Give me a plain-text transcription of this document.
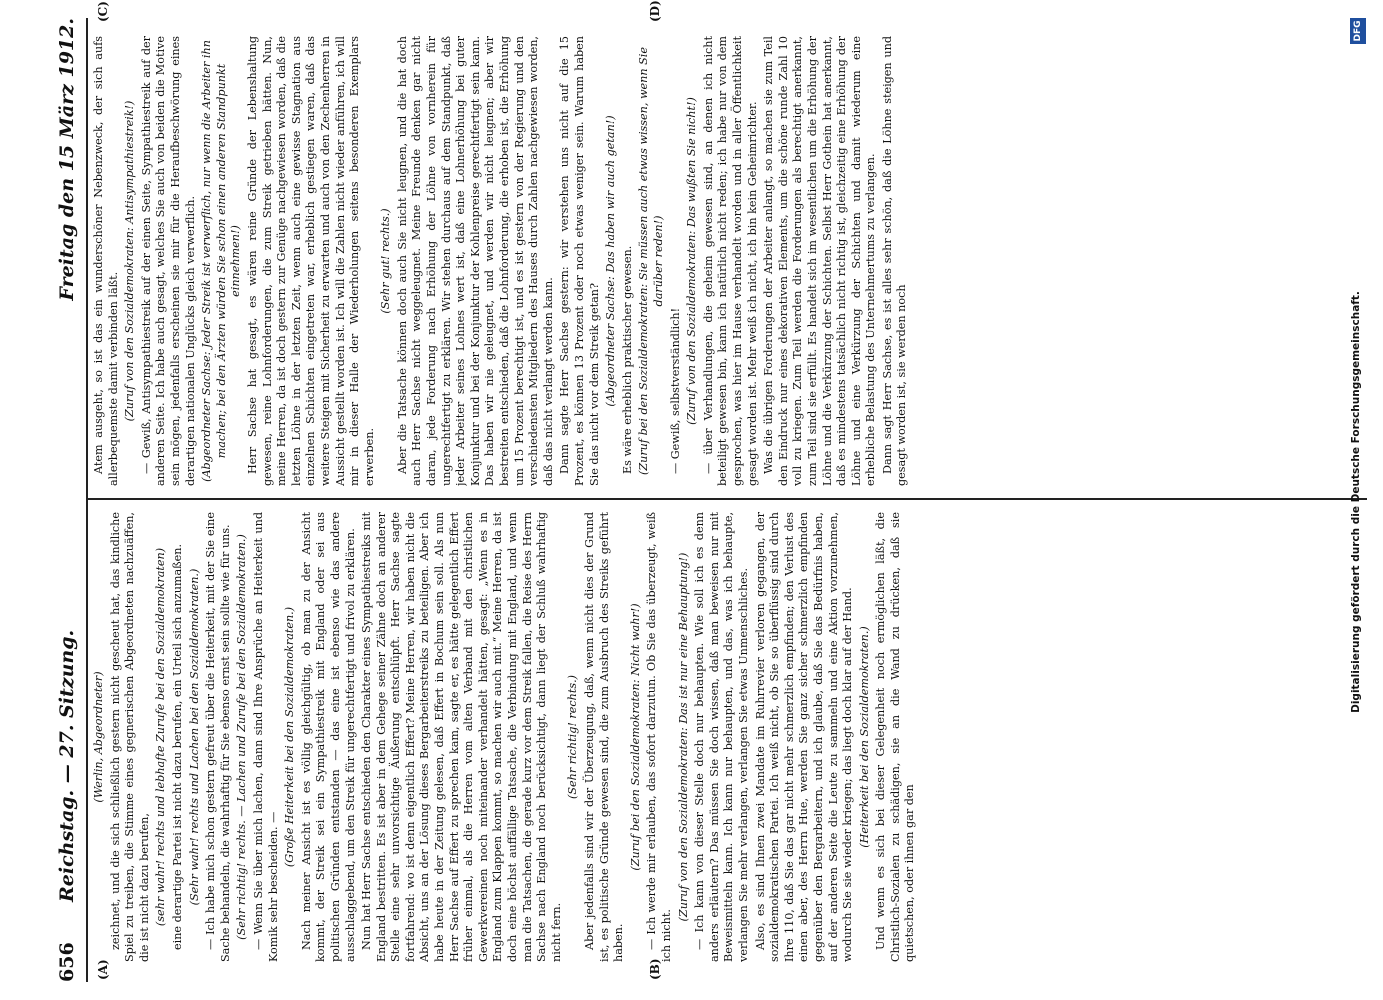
656
Reichstag. — 27. Sitzung.
Freitag den 15 März 1912.
(A)	(B)
(C)	(D)

(Werlin, Abgeordneter) zeichnet, und die sich schließlich gestern nicht gescheut hat, das kindliche Spiel zu treiben, die Stimme eines gegnerischen Abgeordneten nachzuäffen, die ist nicht dazu berufen, (sehr wahr! rechts und lebhafte Zurufe bei den Sozialdemokraten) eine derartige Partei ist nicht dazu berufen, ein Urteil sich anzumaßen. (Sehr wahr! rechts und Lachen bei den Sozialdemokraten.) — Ich habe mich schon gestern gefreut über die Heiterkeit, mit der Sie eine Sache behandeln, die wahrhaftig für Sie ebenso ernst sein sollte wie für uns. (Sehr richtig! rechts. — Lachen und Zurufe bei den Sozialdemokraten.) — Wenn Sie über mich lachen, dann sind Ihre Ansprüche an Heiterkeit und Komik sehr bescheiden. —

(Große Heiterkeit bei den Sozialdemokraten.) Nach meiner Ansicht ist es völlig gleichgültig, ob man zu der Ansicht kommt, der Streik sei ein Sympathiestreik mit England oder sei aus politischen Gründen entstanden — das eine ist ebenso wie das andere ausschlaggebend, um den Streik für ungerechtfertigt und frivol zu erklären. Nun hat Herr Sachse entschieden den Charakter eines Sympathiestreiks mit England bestritten. Es ist aber in dem Gehege seiner Zähne doch an anderer Stelle eine sehr unvorsichtige Äußerung entschlüpft. Herr Sachse sagte fortfahrend: wo ist denn eigentlich Effert? Meine Herren, wir haben nicht die Absicht, uns an der Lösung dieses Bergarbeiterstreiks zu beteiligen. Aber ich habe heute in der Zeitung gelesen, daß Effert in Bochum sein soll. Als nun Herr Sachse auf Effert zu sprechen kam, sagte er, es hätte gelegentlich Effert früher einmal, als die Herren vom alten Verband mit den christlichen Gewerkvereinen noch miteinander verhandelt hätten, gesagt: „Wenn es in England zum Klappen kommt, so machen wir auch mit.“ Meine Herren, da ist doch eine höchst auffällige Tatsache, die Verbindung mit England, und wenn man die Tatsachen, die gerade kurz vor dem Streik fallen, die Reise des Herrn Sachse nach England noch berücksichtigt, dann liegt der Schluß wahrhaftig nicht fern.

(Sehr richtig! rechts.) Aber jedenfalls sind wir der Überzeugung, daß, wenn nicht dies der Grund ist, es politische Gründe gewesen sind, die zum Ausbruch des Streiks geführt haben.

(Zuruf bei den Sozialdemokraten: Nicht wahr!) — Ich werde mir erlauben, das sofort darzutun. Ob Sie das überzeugt, weiß ich nicht.

(Zuruf von den Sozialdemokraten: Das ist nur eine Behauptung!) — Ich kann von dieser Stelle doch nur behaupten. Wie soll ich es denn anders erläutern? Das müssen Sie doch wissen, daß man beweisen nur mit Beweismitteln kann. Ich kann nur behaupten, und das, was ich behaupte, verlangen Sie mehr verlangen, verlangen Sie etwas Unmenschliches. Also, es sind Ihnen zwei Mandate im Ruhrrevier verloren gegangen, der sozialdemokratischen Partei. Ich weiß nicht, ob Sie so überflüssig sind durch Ihre 110, daß Sie das gar nicht mehr schmerzlich empfinden; den Verlust des einen aber, des Herrn Hue, werden Sie ganz sicher schmerzlich empfinden gegenüber den Bergarbeitern, und ich glaube, daß Sie das Bedürfnis haben, auf der anderen Seite die Leute zu sammeln und eine Aktion vorzunehmen, wodurch Sie sie wieder kriegen; das liegt doch klar auf der Hand. (Heiterkeit bei den Sozialdemokraten.) Und wenn es sich bei dieser Gelegenheit noch ermöglichen läßt, die Christlich-Sozialen zu schädigen, sie an die Wand zu drücken, daß sie quietschen, oder ihnen gar den

Atem ausgeht, so ist das ein wunderschöner Nebenzweck, der sich aufs allerbequemste damit verbinden läßt. (Zuruf von den Sozialdemokraten: Antisympathiestreik!) — Gewiß, Antisympathiestreik auf der einen Seite, Sympathiestreik auf der anderen Seite. Ich habe auch gesagt, welches Sie auch von beiden die Motive sein mögen, jedenfalls erscheinen sie mir für die Heraufbeschwörung eines derartigen nationalen Unglücks gleich verwerflich. (Abgeordneter Sachse: Jeder Streik ist verwerflich, nur wenn die Arbeiter ihn machen; bei den Ärzten würden Sie schon einen anderen Standpunkt einnehmen!) Herr Sachse hat gesagt, es wären reine Gründe der Lebenshaltung gewesen, reine Lohnforderungen, die zum Streik getrieben hätten. Nun, meine Herren, da ist doch gestern zur Genüge nachgewiesen worden, daß die letzten Löhne in der letzten Zeit, wenn auch eine gewisse Stagnation aus einzelnen Schichten eingetreten war, erheblich gestiegen waren, daß das weitere Steigen mit Sicherheit zu erwarten und auch von den Zechenherren in Aussicht gestellt worden ist. Ich will die Zahlen nicht wieder anführen, ich will mir in dieser Halle der Wiederholungen seitens besonderen Exemplars erwerben.

(Sehr gut! rechts.) Aber die Tatsache können doch auch Sie nicht leugnen, und die hat doch auch Herr Sachse nicht weggeleugnet. Meine Freunde denken gar nicht daran, jede Forderung nach Erhöhung der Löhne von vornherein für ungerechtfertigt zu erklären. Wir stehen durchaus auf dem Standpunkt, daß jeder Arbeiter seines Lohnes wert ist, daß eine Lohnerhöhung bei guter Konjunktur und bei der Konjunktur der Kohlenpreise gerechtfertigt sein kann. Das haben wir nie geleugnet, und werden wir nicht leugnen; aber wir bestreiten entschieden, daß die Lohnforderung, die erhoben ist, die Erhöhung um 15 Prozent berechtigt ist, und es ist gestern von der Regierung und den verschiedensten Mitgliedern des Hauses durch Zahlen nachgewiesen worden, daß das nicht verlangt werden kann. Dann sagte Herr Sachse gestern: wir verstehen uns nicht auf die 15 Prozent, es können 13 Prozent oder noch etwas weniger sein. Warum haben Sie das nicht vor dem Streik getan? (Abgeordneter Sachse: Das haben wir auch getan!) Es wäre erheblich praktischer gewesen. (Zuruf bei den Sozialdemokraten: Sie müssen auch etwas wissen, wenn Sie darüber reden!)

— Gewiß, selbstverständlich! (Zuruf von den Sozialdemokraten: Das wußten Sie nicht!) — über Verhandlungen, die geheim gewesen sind, an denen ich nicht beteiligt gewesen bin, kann ich natürlich nicht reden; ich habe nur von dem gesprochen, was hier im Hause verhandelt worden und in aller Öffentlichkeit gesagt worden ist. Mehr weiß ich nicht, ich bin kein Geheimrichter. Was die übrigen Forderungen der Arbeiter anlangt, so machen sie zum Teil den Eindruck nur eines dekorativen Elements, um die schöne runde Zahl 10 voll zu kriegen. Zum Teil werden die Forderungen als berechtigt anerkannt, zum Teil sind sie erfüllt. Es handelt sich im wesentlichen um die Erhöhung der Löhne und die Verkürzung der Schichten. Selbst Herr Gothein hat anerkannt, daß es mindestens tatsächlich nicht richtig ist, gleichzeitig eine Erhöhung der Löhne und eine Verkürzung der Schichten und damit wiederum eine erhebliche Belastung des Unternehmertums zu verlangen. Dann sagt Herr Sachse, es ist alles sehr schön, daß die Löhne steigen und gesagt worden ist, sie werden noch	Digitalisierung gefördert durch die Deutsche Forschungsgemeinschaft.
DFG
